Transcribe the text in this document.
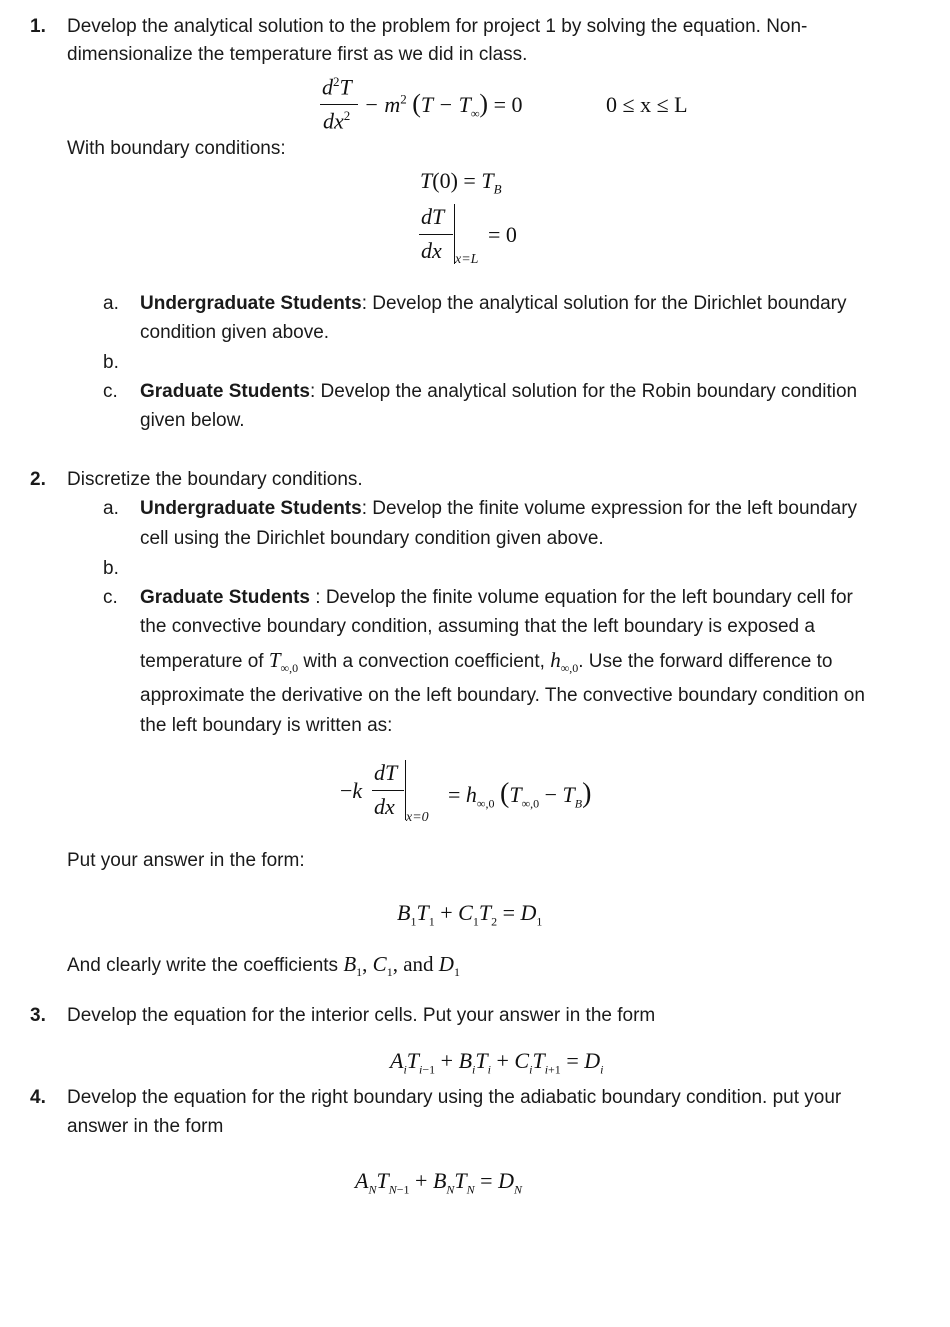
1. Develop the analytical solution to the problem for project 1 by solving the equation. Non-
dimensionalize the temperature first as we did in class.
$d^2T$
$dx^2 - m^2$ $(T - T_\infty) = 0$	0 ≤ x ≤ L
With boundary conditions:
$T(0) = T_B$
dT
dx x=L
= 0
a. Undergraduate Students: Develop the analytical solution for the Dirichlet boundary
condition given above.
b.
c. Graduate Students: Develop the analytical solution for the Robin boundary condition
given below.
2. Discretize the boundary conditions.
a. Undergraduate Students: Develop the finite volume expression for the left boundary
cell using the Dirichlet boundary condition given above.
b.
c. Graduate Students : Develop the finite volume equation for the left boundary cell for
the convective boundary condition, assuming that the left boundary is exposed a
temperature of $T_{\infty,0}$ with a convection coefficient, $h_{\infty,0}$. Use the forward difference to
approximate the derivative on the left boundary. The convective boundary condition on
the left boundary is written as:
−k
dT
dx x=0
= $h_{\infty,0}$ $(T_{\infty,0} - T_B)$
Put your answer in the form:
$B_1T_1 + C_1T_2 = D_1$
And clearly write the coefficients $B_1$, $C_1$, and $D_1$
3. Develop the equation for the interior cells. Put your answer in the form
$A_iT_{i-1} + B_iT_i + C_iT_{i+1} = D_i$
4. Develop the equation for the right boundary using the adiabatic boundary condition. put your
answer in the form
$A_NT_{N-1} + B_NT_N = D_N$
